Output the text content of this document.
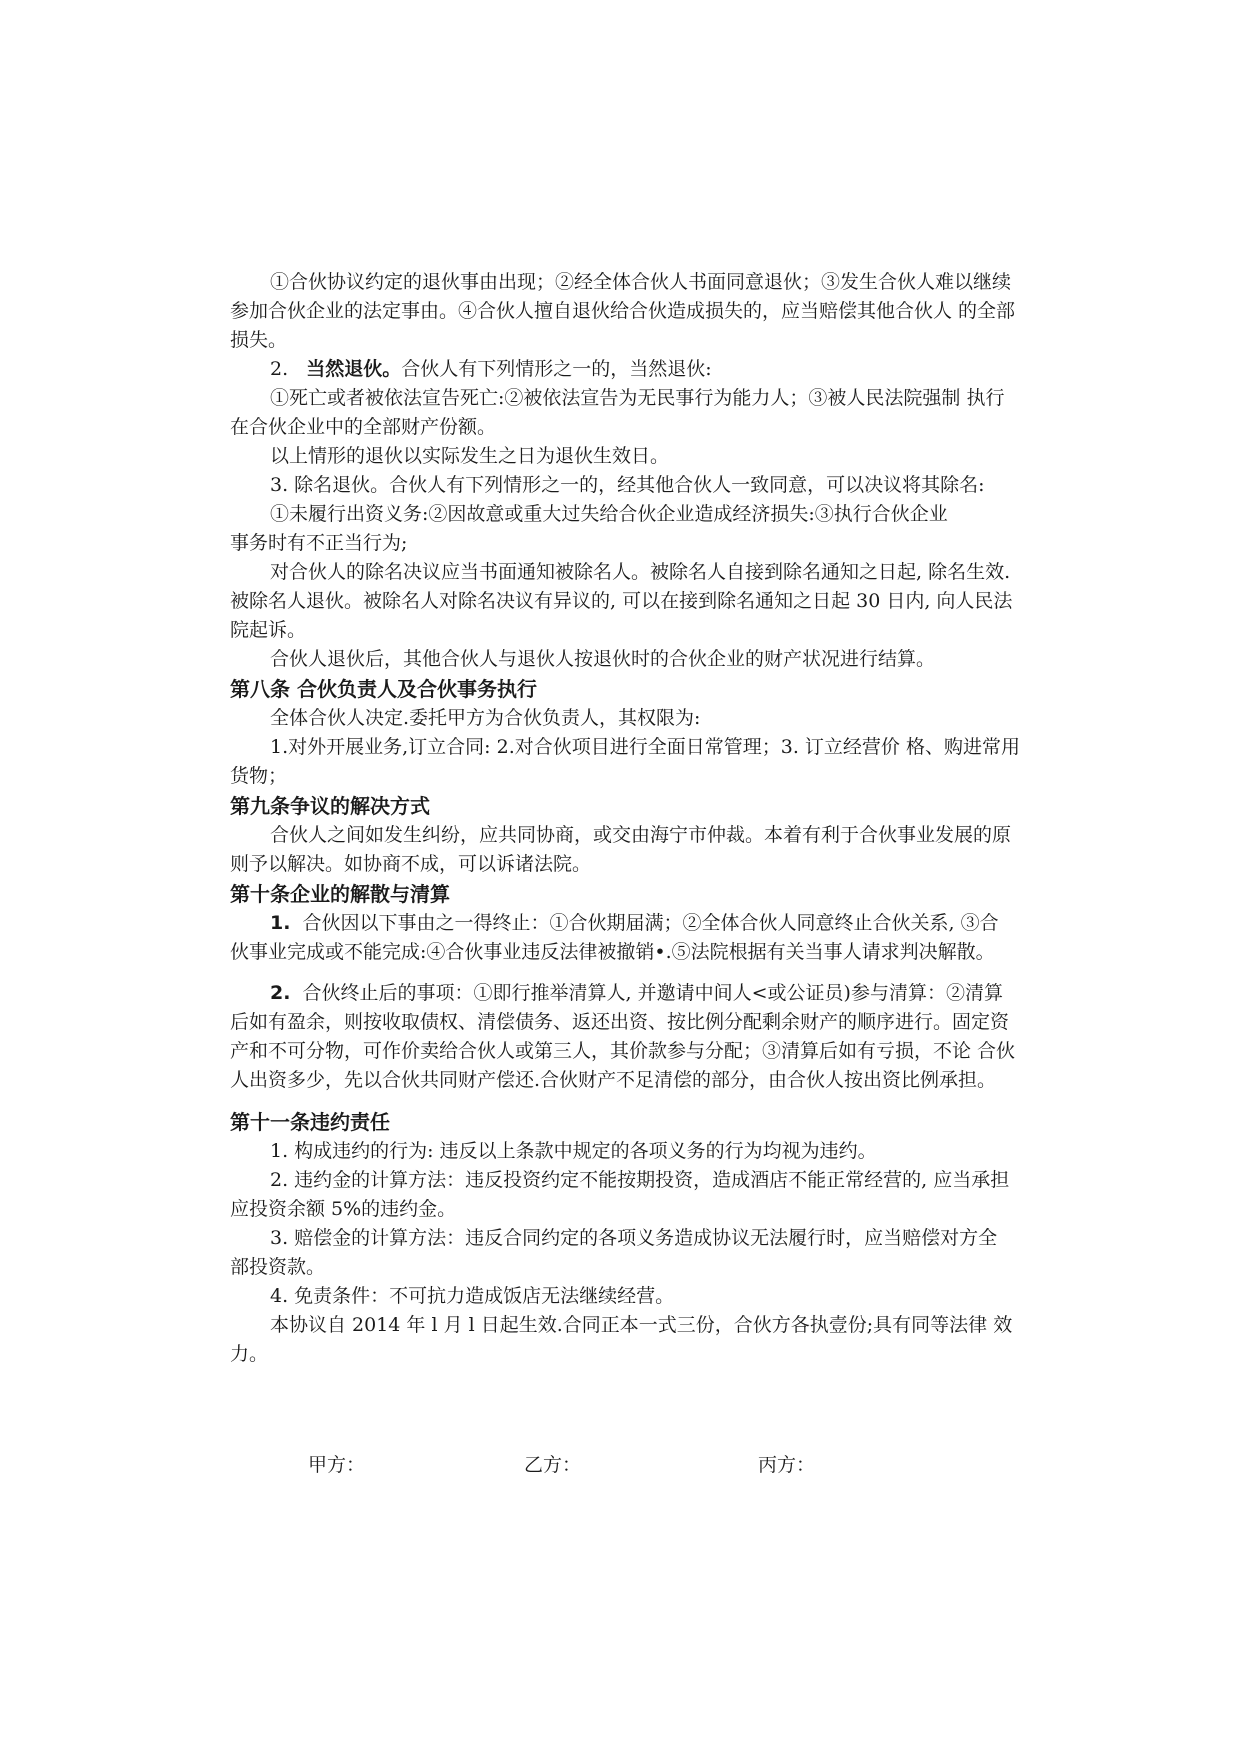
①合伙协议约定的退伙事由出现；②经全体合伙人书面同意退伙；③发生合伙人难以继续参加合伙企业的法定事由。④合伙人擅自退伙给合伙造成损失的，应当赔偿其他合伙人 的全部损失。

2. 当然退伙。合伙人有下列情形之一的，当然退伙:

①死亡或者被依法宣告死亡:②被依法宣告为无民事行为能力人；③被人民法院强制 执行在合伙企业中的全部财产份额。

以上情形的退伙以实际发生之日为退伙生效日。

3. 除名退伙。合伙人有下列情形之一的，经其他合伙人一致同意，可以决议将其除名:

①未履行出资义务:②因故意或重大过失给合伙企业造成经济损失:③执行合伙企业

事务时有不正当行为;

对合伙人的除名决议应当书面通知被除名人。被除名人自接到除名通知之日起, 除名生效.被除名人退伙。被除名人对除名决议有异议的, 可以在接到除名通知之日起 30 日内, 向人民法院起诉。

合伙人退伙后，其他合伙人与退伙人按退伙时的合伙企业的财产状况进行结算。

第八条 合伙负责人及合伙事务执行

全体合伙人决定.委托甲方为合伙负责人，其权限为:

1.对外开展业务,订立合同: 2.对合伙项目进行全面日常管理；3. 订立经营价 格、购进常用货物；

第九条争议的解决方式

合伙人之间如发生纠纷，应共同协商，或交由海宁市仲裁。本着有利于合伙事业发展的原则予以解决。如协商不成，可以诉诸法院。

第十条企业的解散与清算

1. 合伙因以下事由之一得终止：①合伙期届满；②全体合伙人同意终止合伙关系, ③合 伙事业完成或不能完成:④合伙事业违反法律被撤销•.⑤法院根据有关当事人请求判决解散。

2. 合伙终止后的事项：①即行推举清算人, 并邀请中间人<或公证员)参与清算：②清算后如有盈余，则按收取债权、清偿债务、返还出资、按比例分配剩余财产的顺序进行。固定资产和不可分物，可作价卖给合伙人或第三人，其价款参与分配；③清算后如有亏损，不论 合伙人出资多少，先以合伙共同财产偿还.合伙财产不足清偿的部分，由合伙人按出资比例承担。

第十一条违约责任

1. 构成违约的行为: 违反以上条款中规定的各项义务的行为均视为违约。

2. 违约金的计算方法：违反投资约定不能按期投资，造成酒店不能正常经营的, 应当承担应投资余额 5%的违约金。

3. 赔偿金的计算方法：违反合同约定的各项义务造成协议无法履行时，应当赔偿对方全 部投资款。

4. 免责条件：不可抗力造成饭店无法继续经营。

本协议自 2014 年 l 月 l 日起生效.合同正本一式三份，合伙方各执壹份;具有同等法律 效力。

甲方：	乙方：	丙方：
